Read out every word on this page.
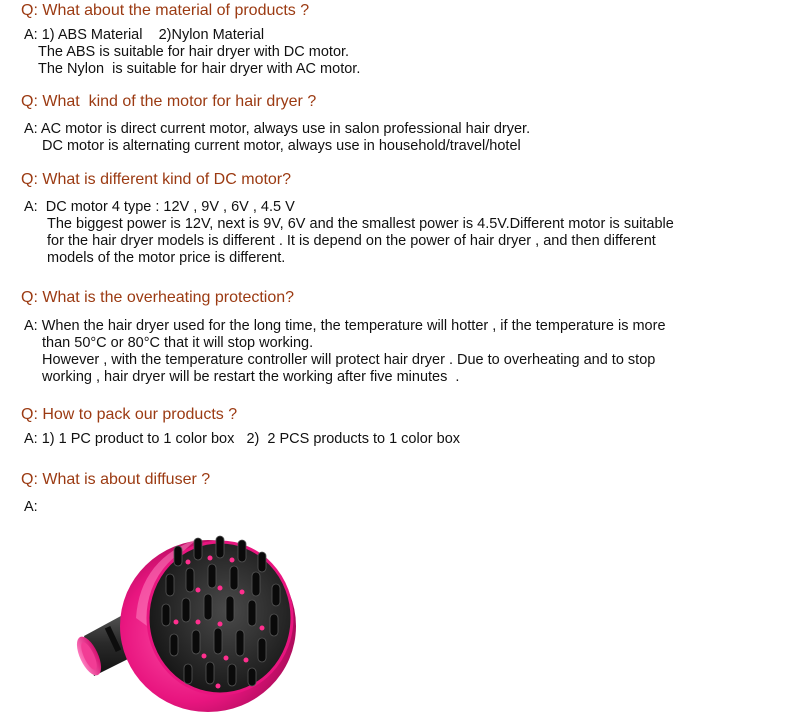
Q: What about the material of products ?
A: 1) ABS Material    2)Nylon Material
The ABS is suitable for hair dryer with DC motor.
The Nylon  is suitable for hair dryer with AC motor.
Q: What  kind of the motor for hair dryer ?
A: AC motor is direct current motor, always use in salon professional hair dryer.
DC motor is alternating current motor, always use in household/travel/hotel
Q: What is different kind of DC motor?
A:  DC motor 4 type : 12V , 9V , 6V , 4.5 V
The biggest power is 12V, next is 9V, 6V and the smallest power is 4.5V.Different motor is suitable
for the hair dryer models is different . It is depend on the power of hair dryer , and then different
models of the motor price is different.
Q: What is the overheating protection?
A: When the hair dryer used for the long time, the temperature will hotter , if the temperature is more
than 50°C or 80°C that it will stop working.
However , with the temperature controller will protect hair dryer . Due to overheating and to stop
working , hair dryer will be restart the working after five minutes  .
Q: How to pack our products ?
A: 1) 1 PC product to 1 color box   2)  2 PCS products to 1 color box
Q: What is about diffuser ?
A:
